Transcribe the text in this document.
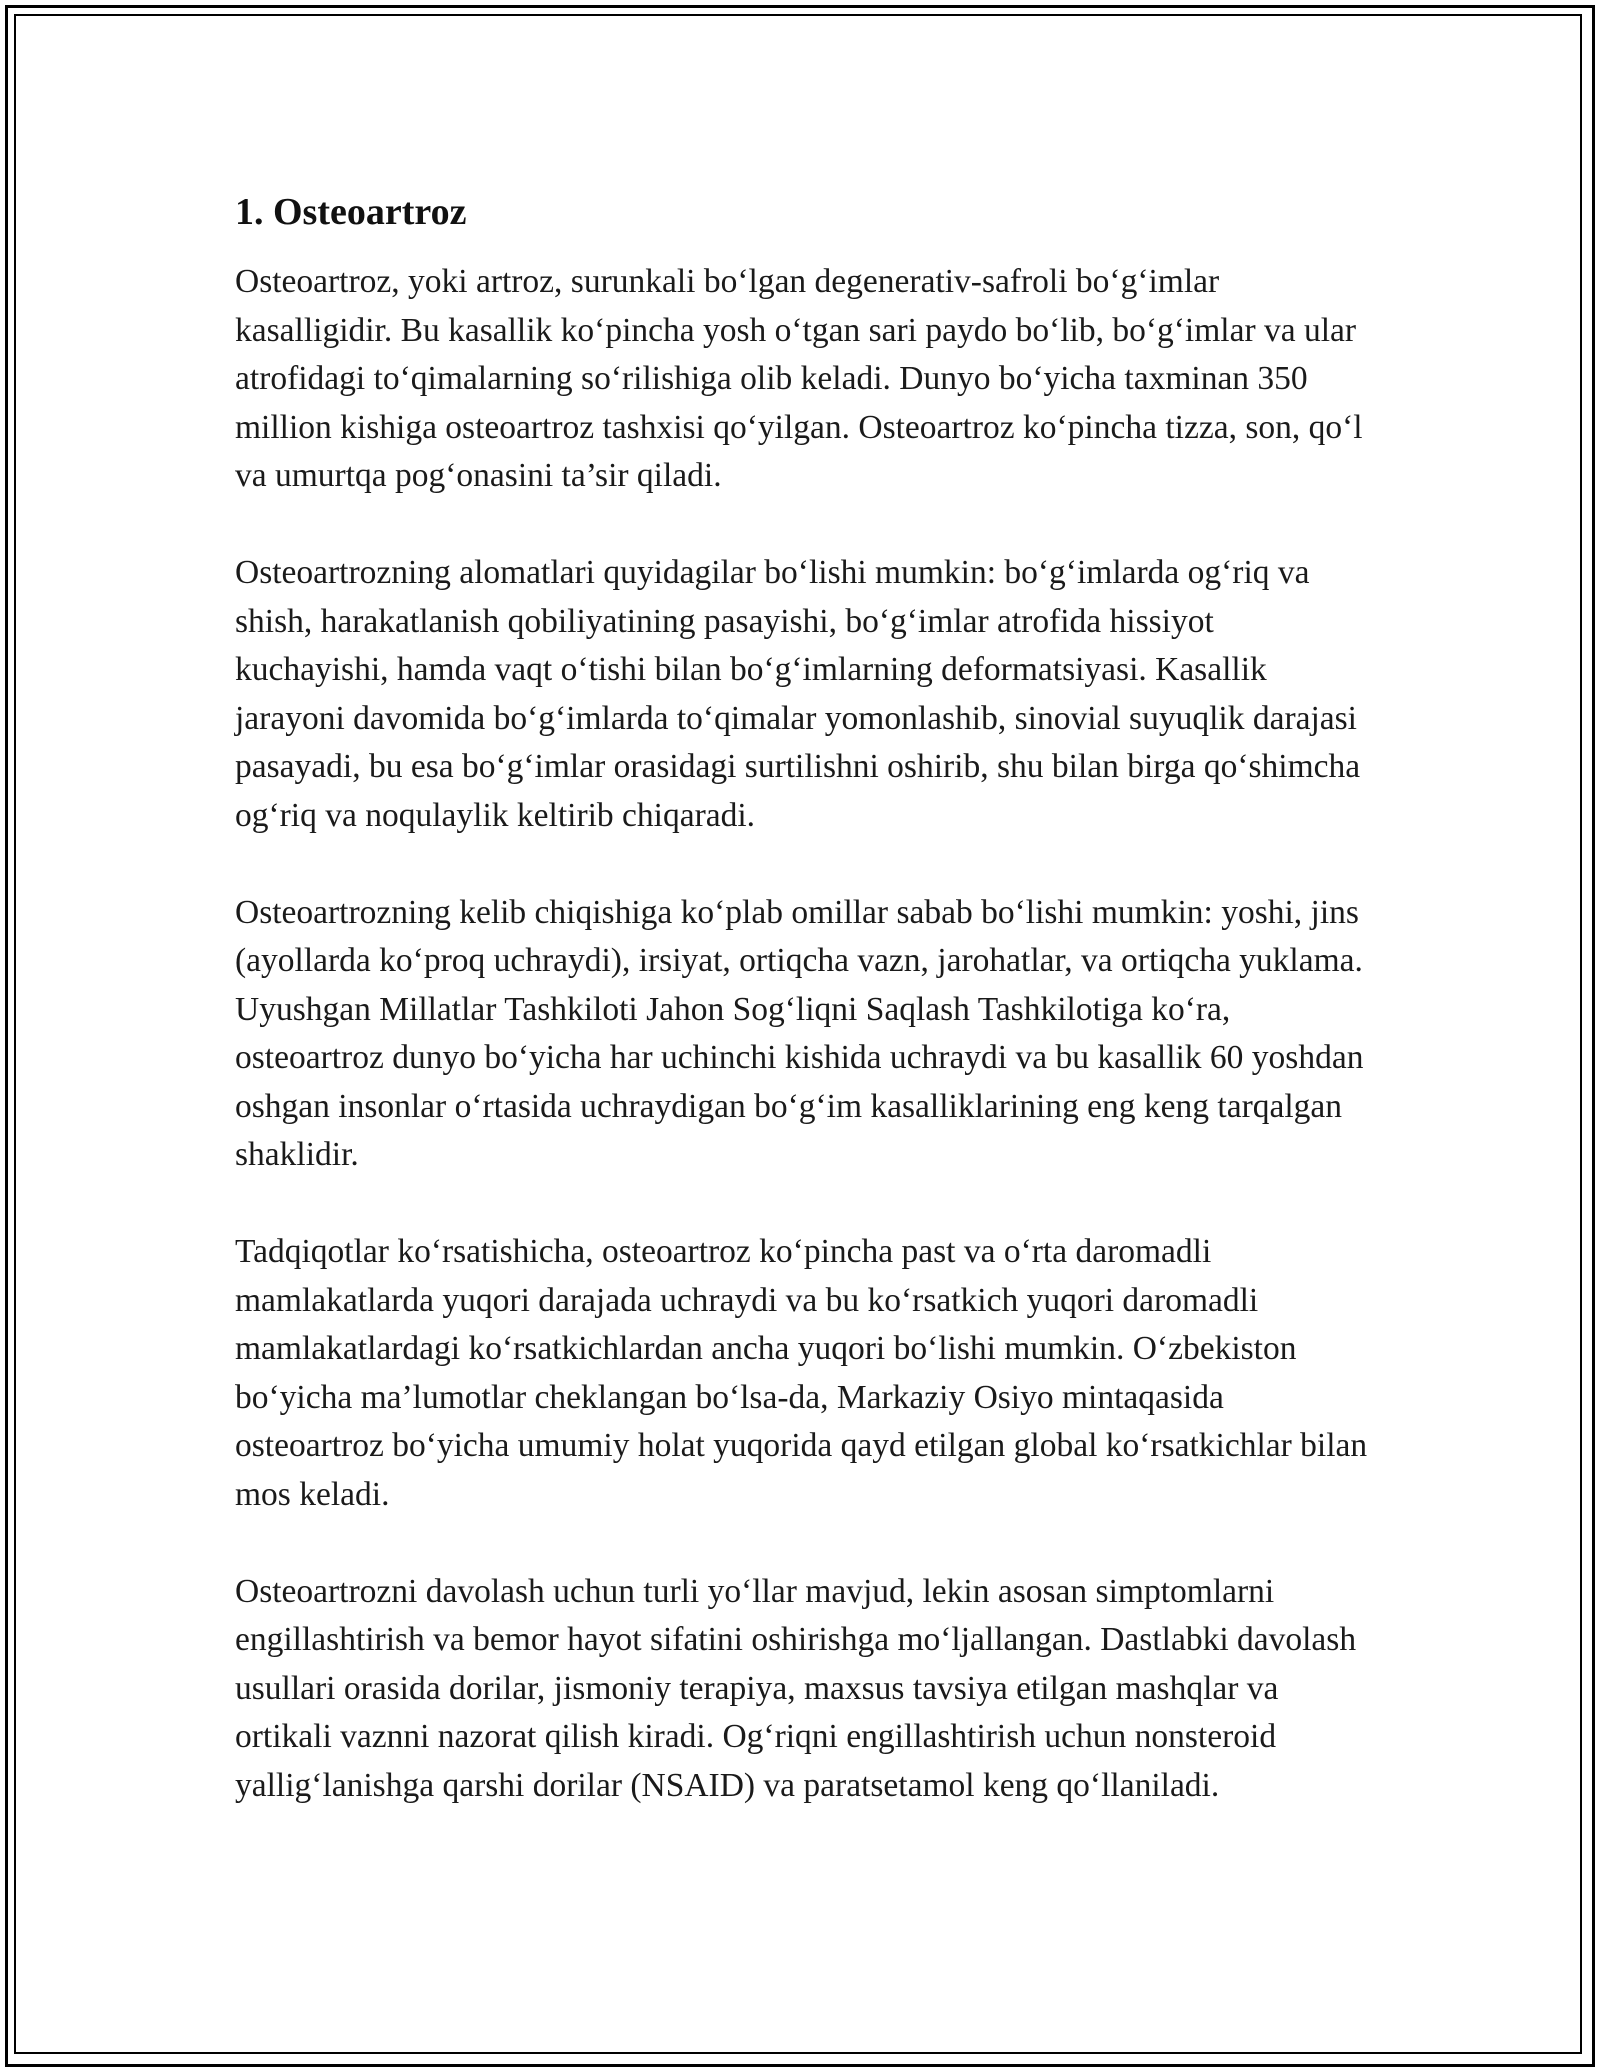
1. Osteoartroz

Osteoartroz, yoki artroz, surunkali bo‘lgan degenerativ-safroli bo‘g‘imlar kasalligidir. Bu kasallik ko‘pincha yosh o‘tgan sari paydo bo‘lib, bo‘g‘imlar va ular atrofidagi to‘qimalarning so‘rilishiga olib keladi. Dunyo bo‘yicha taxminan 350 million kishiga osteoartroz tashxisi qo‘yilgan. Osteoartroz ko‘pincha tizza, son, qo‘l va umurtqa pog‘onasini ta’sir qiladi.

Osteoartrozning alomatlari quyidagilar bo‘lishi mumkin: bo‘g‘imlarda og‘riq va shish, harakatlanish qobiliyatining pasayishi, bo‘g‘imlar atrofida hissiyot kuchayishi, hamda vaqt o‘tishi bilan bo‘g‘imlarning deformatsiyasi. Kasallik jarayoni davomida bo‘g‘imlarda to‘qimalar yomonlashib, sinovial suyuqlik darajasi pasayadi, bu esa bo‘g‘imlar orasidagi surtilishni oshirib, shu bilan birga qo‘shimcha og‘riq va noqulaylik keltirib chiqaradi.

Osteoartrozning kelib chiqishiga ko‘plab omillar sabab bo‘lishi mumkin: yoshi, jins (ayollarda ko‘proq uchraydi), irsiyat, ortiqcha vazn, jarohatlar, va ortiqcha yuklama. Uyushgan Millatlar Tashkiloti Jahon Sog‘liqni Saqlash Tashkilotiga ko‘ra, osteoartroz dunyo bo‘yicha har uchinchi kishida uchraydi va bu kasallik 60 yoshdan oshgan insonlar o‘rtasida uchraydigan bo‘g‘im kasalliklarining eng keng tarqalgan shaklidir.

Tadqiqotlar ko‘rsatishicha, osteoartroz ko‘pincha past va o‘rta daromadli mamlakatlarda yuqori darajada uchraydi va bu ko‘rsatkich yuqori daromadli mamlakatlardagi ko‘rsatkichlardan ancha yuqori bo‘lishi mumkin. O‘zbekiston bo‘yicha ma’lumotlar cheklangan bo‘lsa-da, Markaziy Osiyo mintaqasida osteoartroz bo‘yicha umumiy holat yuqorida qayd etilgan global ko‘rsatkichlar bilan mos keladi.

Osteoartrozni davolash uchun turli yo‘llar mavjud, lekin asosan simptomlarni engillashtirish va bemor hayot sifatini oshirishga mo‘ljallangan. Dastlabki davolash usullari orasida dorilar, jismoniy terapiya, maxsus tavsiya etilgan mashqlar va ortikali vaznni nazorat qilish kiradi. Og‘riqni engillashtirish uchun nonsteroid yallig‘lanishga qarshi dorilar (NSAID) va paratsetamol keng qo‘llaniladi.
